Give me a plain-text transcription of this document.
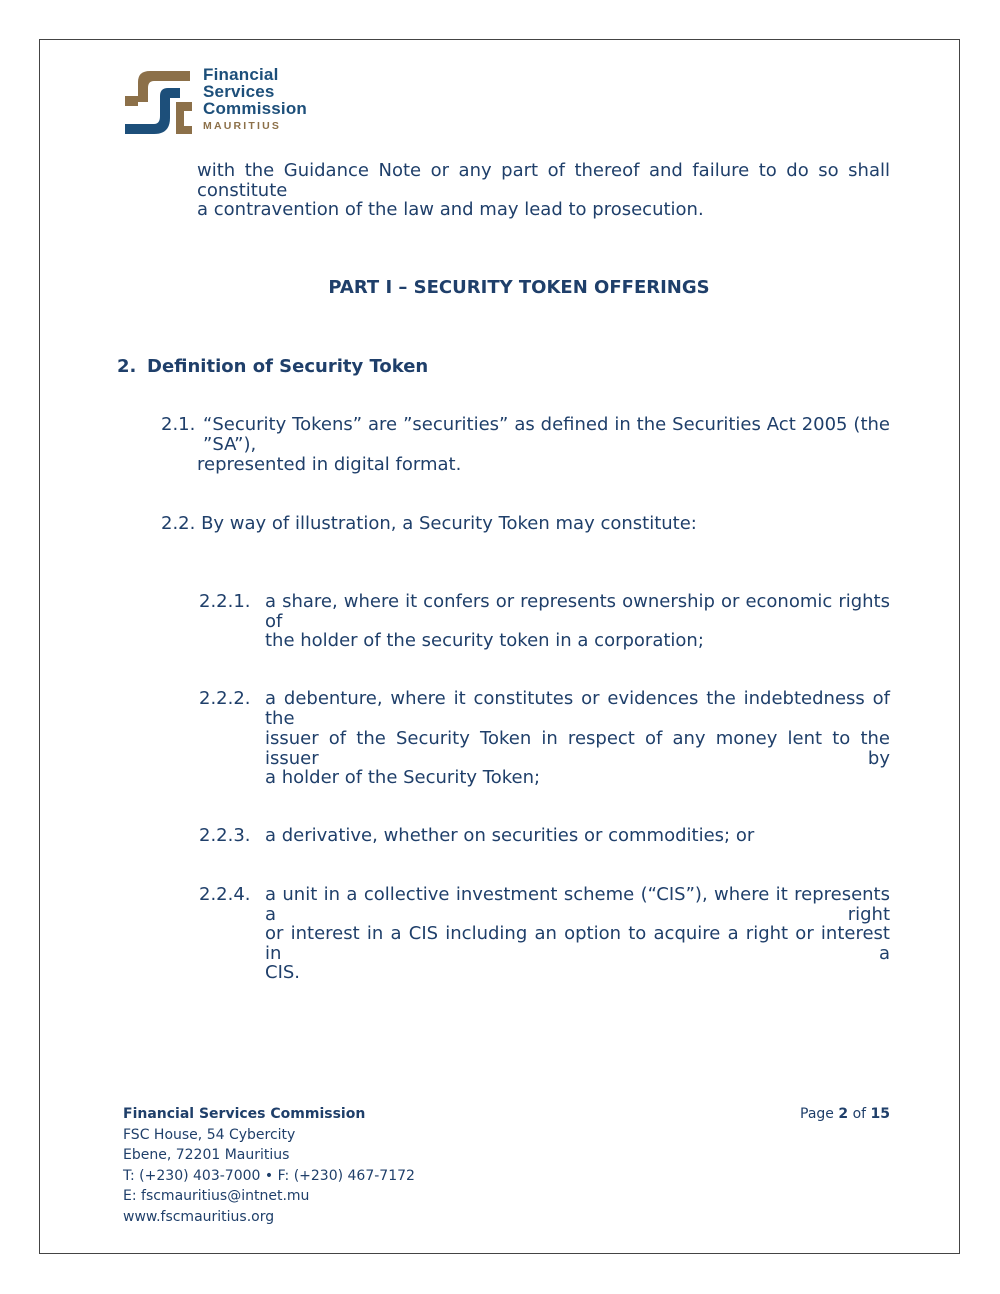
Financial
Services
Commission
MAURITIUS
with the Guidance Note or any part of thereof and failure to do so shall constitute
a contravention of the law and may lead to prosecution.
PART I – SECURITY TOKEN OFFERINGS
2. Definition of Security Token
2.1. “Security Tokens” are ”securities” as defined in the Securities Act 2005 (the ”SA”),
represented in digital format.
2.2. By way of illustration, a Security Token may constitute:
2.2.1. a share, where it confers or represents ownership or economic rights of
the holder of the security token in a corporation;
2.2.2. a debenture, where it constitutes or evidences the indebtedness of the
issuer of the Security Token in respect of any money lent to the issuer by
a holder of the Security Token;
2.2.3. a derivative, whether on securities or commodities; or
2.2.4. a unit in a collective investment scheme (“CIS”), where it represents a right
or interest in a CIS including an option to acquire a right or interest in a
CIS.
Financial Services Commission
FSC House, 54 Cybercity
Ebene, 72201 Mauritius
T: (+230) 403-7000 • F: (+230) 467-7172
E: fscmauritius@intnet.mu
www.fscmauritius.org
Page 2 of 15
